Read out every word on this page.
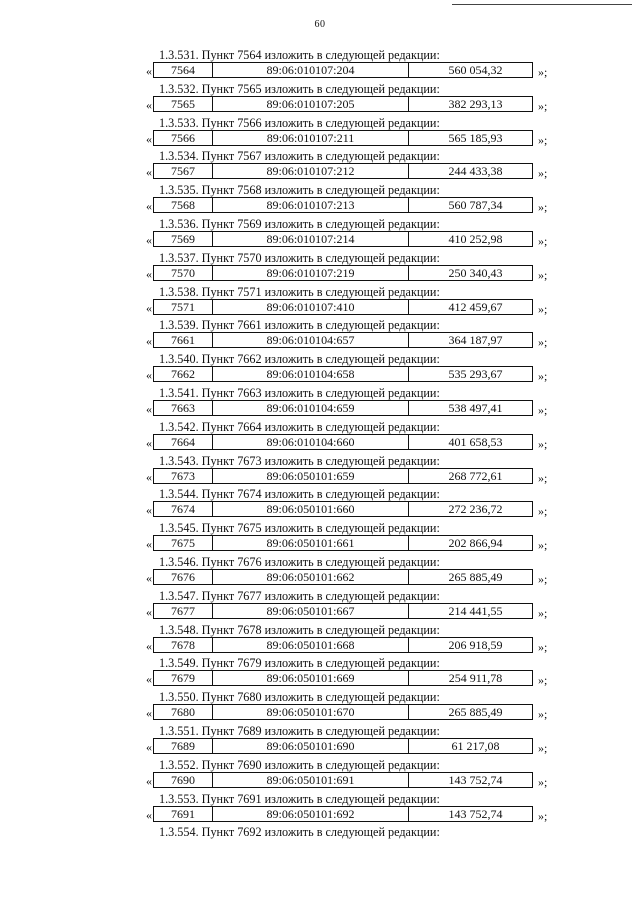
60
1.3.531. Пункт 7564 изложить в следующей редакции:
«	7564	89:06:010107:204	560 054,32	»;
1.3.532. Пункт 7565 изложить в следующей редакции:
«	7565	89:06:010107:205	382 293,13	»;
1.3.533. Пункт 7566 изложить в следующей редакции:
«	7566	89:06:010107:211	565 185,93	»;
1.3.534. Пункт 7567 изложить в следующей редакции:
«	7567	89:06:010107:212	244 433,38	»;
1.3.535. Пункт 7568 изложить в следующей редакции:
«	7568	89:06:010107:213	560 787,34	»;
1.3.536. Пункт 7569 изложить в следующей редакции:
«	7569	89:06:010107:214	410 252,98	»;
1.3.537. Пункт 7570 изложить в следующей редакции:
«	7570	89:06:010107:219	250 340,43	»;
1.3.538. Пункт 7571 изложить в следующей редакции:
«	7571	89:06:010107:410	412 459,67	»;
1.3.539. Пункт 7661 изложить в следующей редакции:
«	7661	89:06:010104:657	364 187,97	»;
1.3.540. Пункт 7662 изложить в следующей редакции:
«	7662	89:06:010104:658	535 293,67	»;
1.3.541. Пункт 7663 изложить в следующей редакции:
«	7663	89:06:010104:659	538 497,41	»;
1.3.542. Пункт 7664 изложить в следующей редакции:
«	7664	89:06:010104:660	401 658,53	»;
1.3.543. Пункт 7673 изложить в следующей редакции:
«	7673	89:06:050101:659	268 772,61	»;
1.3.544. Пункт 7674 изложить в следующей редакции:
«	7674	89:06:050101:660	272 236,72	»;
1.3.545. Пункт 7675 изложить в следующей редакции:
«	7675	89:06:050101:661	202 866,94	»;
1.3.546. Пункт 7676 изложить в следующей редакции:
«	7676	89:06:050101:662	265 885,49	»;
1.3.547. Пункт 7677 изложить в следующей редакции:
«	7677	89:06:050101:667	214 441,55	»;
1.3.548. Пункт 7678 изложить в следующей редакции:
«	7678	89:06:050101:668	206 918,59	»;
1.3.549. Пункт 7679 изложить в следующей редакции:
«	7679	89:06:050101:669	254 911,78	»;
1.3.550. Пункт 7680 изложить в следующей редакции:
«	7680	89:06:050101:670	265 885,49	»;
1.3.551. Пункт 7689 изложить в следующей редакции:
«	7689	89:06:050101:690	61 217,08	»;
1.3.552. Пункт 7690 изложить в следующей редакции:
«	7690	89:06:050101:691	143 752,74	»;
1.3.553. Пункт 7691 изложить в следующей редакции:
«	7691	89:06:050101:692	143 752,74	»;
1.3.554. Пункт 7692 изложить в следующей редакции:
